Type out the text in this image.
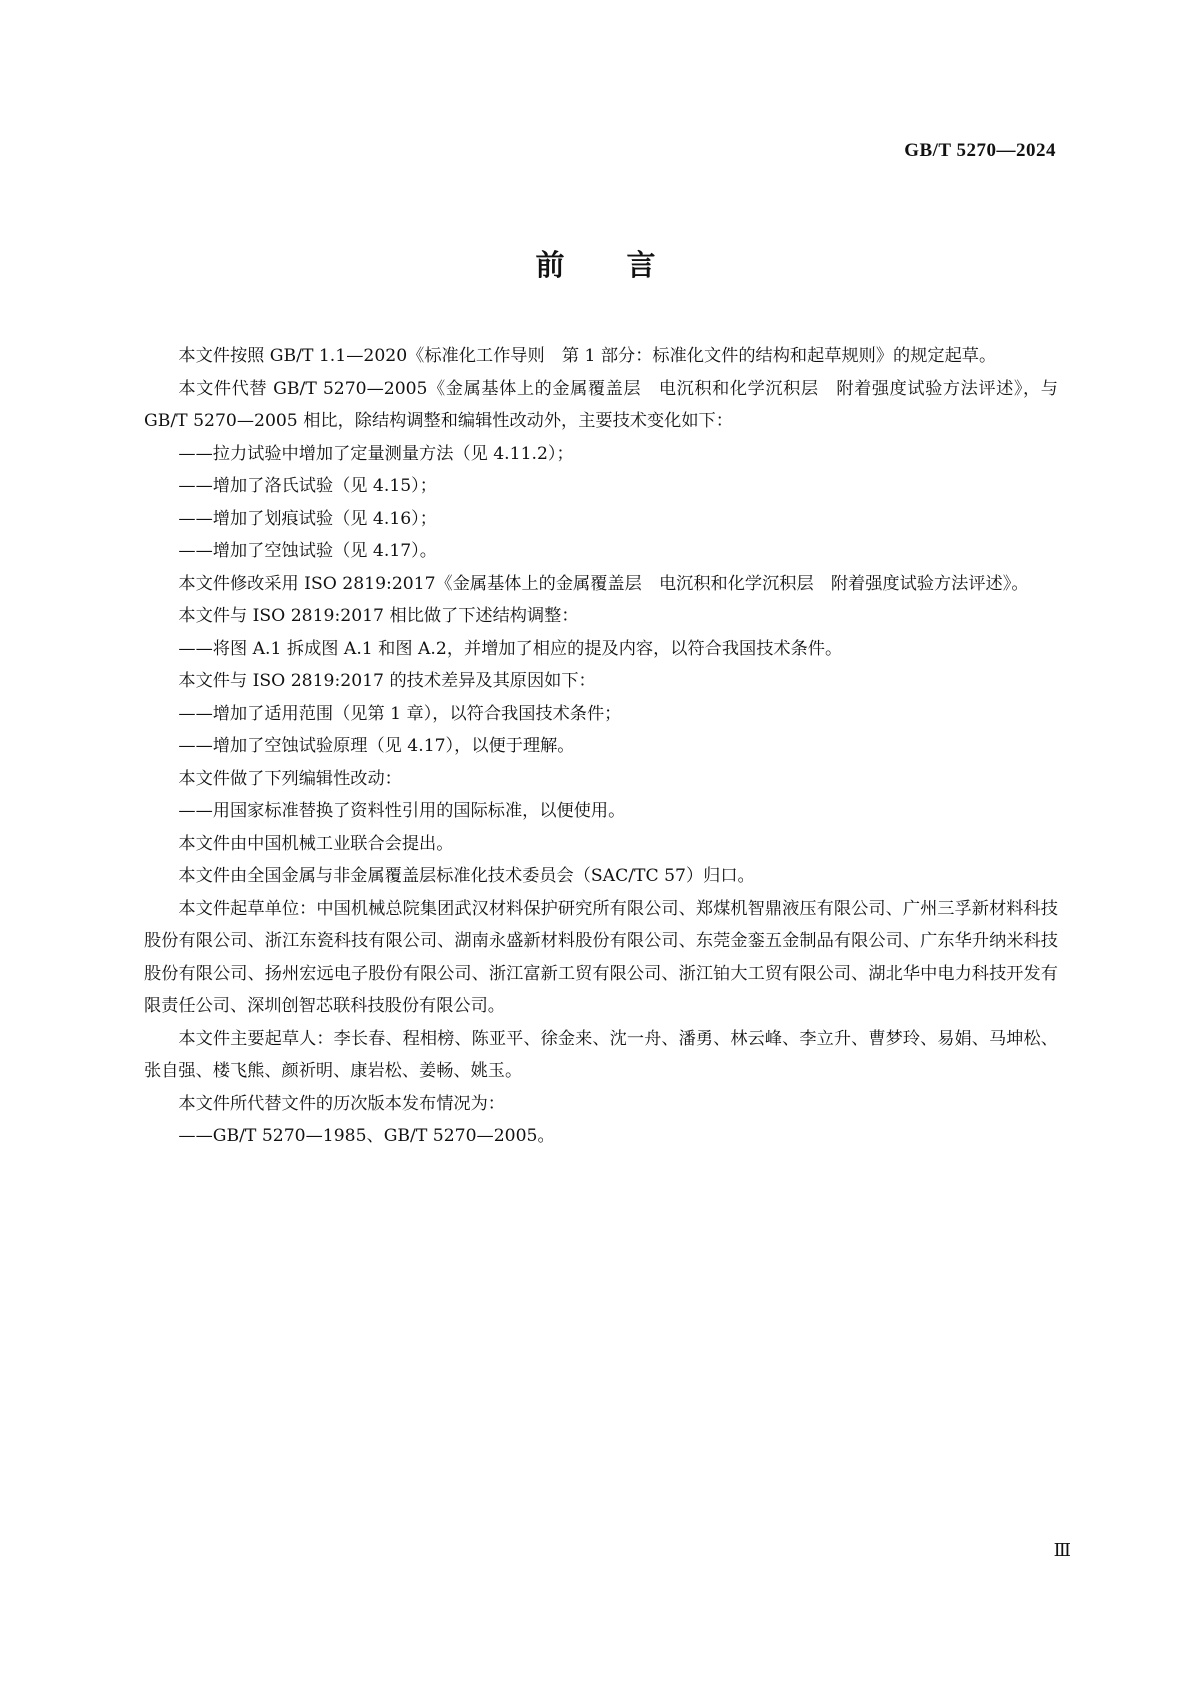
GB/T 5270—2024
前言

本文件按照 GB/T 1.1—2020《标准化工作导则　第 1 部分：标准化文件的结构和起草规则》的规定起草。

本文件代替 GB/T 5270—2005《金属基体上的金属覆盖层　电沉积和化学沉积层　附着强度试验方法评述》，与 GB/T 5270—2005 相比，除结构调整和编辑性改动外，主要技术变化如下：

——拉力试验中增加了定量测量方法（见 4.11.2）；

——增加了洛氏试验（见 4.15）；

——增加了划痕试验（见 4.16）；

——增加了空蚀试验（见 4.17）。

本文件修改采用 ISO 2819:2017《金属基体上的金属覆盖层　电沉积和化学沉积层　附着强度试验方法评述》。

本文件与 ISO 2819:2017 相比做了下述结构调整：

——将图 A.1 拆成图 A.1 和图 A.2，并增加了相应的提及内容，以符合我国技术条件。

本文件与 ISO 2819:2017 的技术差异及其原因如下：

——增加了适用范围（见第 1 章），以符合我国技术条件；

——增加了空蚀试验原理（见 4.17），以便于理解。

本文件做了下列编辑性改动：

——用国家标准替换了资料性引用的国际标准，以便使用。

本文件由中国机械工业联合会提出。

本文件由全国金属与非金属覆盖层标准化技术委员会（SAC/TC 57）归口。

本文件起草单位：中国机械总院集团武汉材料保护研究所有限公司、郑煤机智鼎液压有限公司、广州三孚新材料科技股份有限公司、浙江东瓷科技有限公司、湖南永盛新材料股份有限公司、东莞金銮五金制品有限公司、广东华升纳米科技股份有限公司、扬州宏远电子股份有限公司、浙江富新工贸有限公司、浙江铂大工贸有限公司、湖北华中电力科技开发有限责任公司、深圳创智芯联科技股份有限公司。

本文件主要起草人：李长春、程相榜、陈亚平、徐金来、沈一舟、潘勇、林云峰、李立升、曹梦玲、易娟、马坤松、张自强、楼飞熊、颜祈明、康岩松、姜畅、姚玉。

本文件所代替文件的历次版本发布情况为：

——GB/T 5270—1985、GB/T 5270—2005。

Ⅲ
